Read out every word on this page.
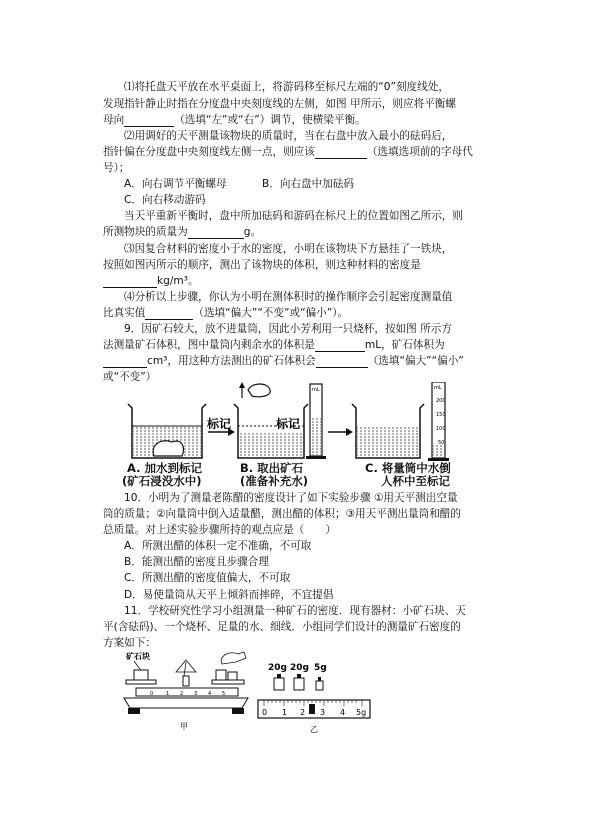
⑴将托盘天平放在水平桌面上，将游码移至标尺左端的“0”刻度线处，
发现指针静止时指在分度盘中央刻度线的左侧，如图 甲所示，则应将平衡螺
母向	（选填“左”或“右”）调节，使横梁平衡。
⑵用调好的天平测量该物块的质量时，当在右盘中放入最小的砝码后，
指针偏在分度盘中央刻度线左侧一点，则应该	（选填选项前的字母代
号）；
A．向右调节平衡螺母	B．向右盘中加砝码
C．向右移动游码
当天平重新平衡时，盘中所加砝码和游码在标尺上的位置如图乙所示，则
所测物块的质量为	g。
⑶因复合材料的密度小于水的密度，小明在该物块下方悬挂了一铁块，
按照如图丙所示的顺序，测出了该物块的体积，则这种材料的密度是
kg/m³。
⑷分析以上步骤，你认为小明在测体积时的操作顺序会引起密度测量值
比真实值	（选填“偏大”“不变”或“偏小”）。
9．因矿石较大，放不进量筒，因此小芳利用一只烧杯，按如图 所示方
法测量矿石体积，图中量筒内剩余水的体积是	mL，矿石体积为
cm³，用这种方法测出的矿石体积会	（选填“偏大”“偏小”
或“不变”）
标记
mL
标记
mL
200
150
100
50
A. 加水到标记
(矿石浸没水中)
B. 取出矿石
(准备补充水)
C. 将量筒中水倒
人杯中至标记
10．小明为了测量老陈醋的密度设计了如下实验步骤 ①用天平测出空量
筒的质量；②向量筒中倒入适量醋，测出醋的体积；③用天平测出量筒和醋的
总质量。对上述实验步骤所持的观点应是（　　）
A．所测出醋的体积一定不准确，不可取
B．能测出醋的密度且步骤合理
C．所测出醋的密度值偏大，不可取
D．易使量筒从天平上倾斜而摔碎，不宜提倡
11．学校研究性学习小组测量一种矿石的密度．现有器材：小矿石块、天
平(含砝码)、一个烧杯、足量的水、细线．小组同学们设计的测量矿石密度的
方案如下：
矿石块
0	1 2 3 4 5
甲
20g 20g 5g
0 1 2 3 4 5g
乙
